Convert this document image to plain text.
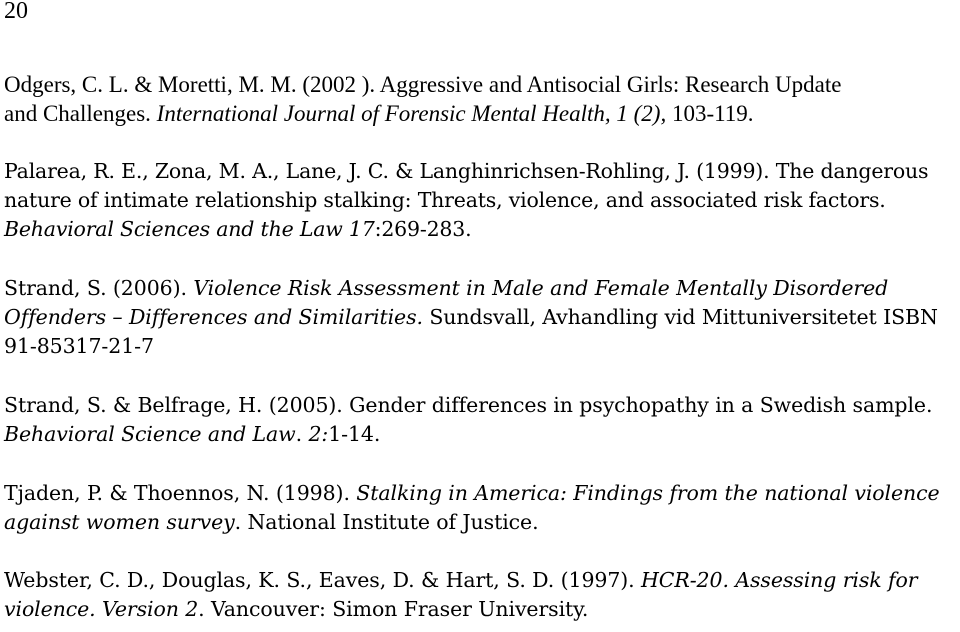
20
Odgers, C. L. & Moretti, M. M. (2002 ). Aggressive and Antisocial Girls: Research Update
and Challenges. International Journal of Forensic Mental Health, 1 (2), 103-119.
Palarea, R. E., Zona, M. A., Lane, J. C. & Langhinrichsen-Rohling, J. (1999). The dangerous
nature of intimate relationship stalking: Threats, violence, and associated risk factors.
Behavioral Sciences and the Law 17:269-283.
Strand, S. (2006). Violence Risk Assessment in Male and Female Mentally Disordered
Offenders – Differences and Similarities. Sundsvall, Avhandling vid Mittuniversitetet ISBN
91-85317-21-7
Strand, S. & Belfrage, H. (2005). Gender differences in psychopathy in a Swedish sample.
Behavioral Science and Law. 2:1-14.
Tjaden, P. & Thoennos, N. (1998). Stalking in America: Findings from the national violence
against women survey. National Institute of Justice.
Webster, C. D., Douglas, K. S., Eaves, D. & Hart, S. D. (1997). HCR-20. Assessing risk for
violence. Version 2. Vancouver: Simon Fraser University.
